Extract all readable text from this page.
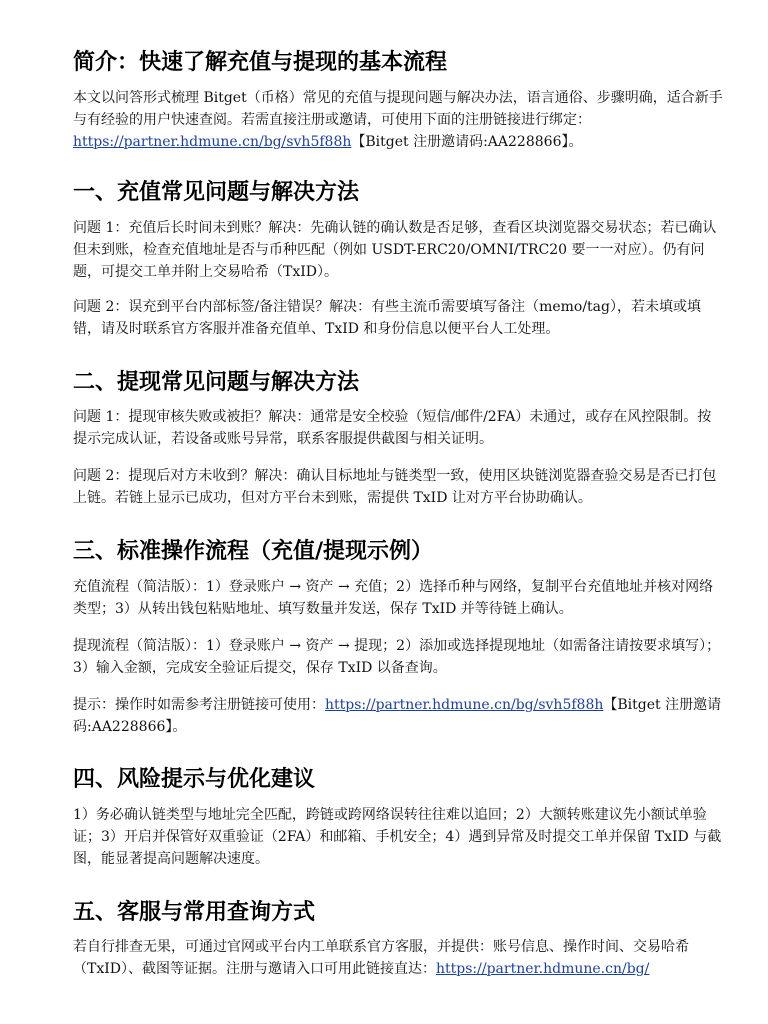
简介：快速了解充值与提现的基本流程

本文以问答形式梳理 Bitget（币格）常见的充值与提现问题与解决办法，语言通俗、步骤明确，适合新手与有经验的用户快速查阅。若需直接注册或邀请，可使用下面的注册链接进行绑定：https://partner.hdmune.cn/bg/svh5f88h【Bitget 注册邀请码:AA228866】。

一、充值常见问题与解决方法

问题 1：充值后长时间未到账？解决：先确认链的确认数是否足够，查看区块浏览器交易状态；若已确认但未到账，检查充值地址是否与币种匹配（例如 USDT-ERC20/OMNI/TRC20 要一一对应）。仍有问题，可提交工单并附上交易哈希（TxID）。

问题 2：误充到平台内部标签/备注错误？解决：有些主流币需要填写备注（memo/tag），若未填或填错，请及时联系官方客服并准备充值单、TxID 和身份信息以便平台人工处理。

二、提现常见问题与解决方法

问题 1：提现审核失败或被拒？解决：通常是安全校验（短信/邮件/2FA）未通过，或存在风控限制。按提示完成认证，若设备或账号异常，联系客服提供截图与相关证明。

问题 2：提现后对方未收到？解决：确认目标地址与链类型一致，使用区块链浏览器查验交易是否已打包上链。若链上显示已成功，但对方平台未到账，需提供 TxID 让对方平台协助确认。

三、标准操作流程（充值/提现示例）

充值流程（简洁版）：1）登录账户 → 资产 → 充值；2）选择币种与网络，复制平台充值地址并核对网络类型；3）从转出钱包粘贴地址、填写数量并发送，保存 TxID 并等待链上确认。

提现流程（简洁版）：1）登录账户 → 资产 → 提现；2）添加或选择提现地址（如需备注请按要求填写）；3）输入金额，完成安全验证后提交，保存 TxID 以备查询。

提示：操作时如需参考注册链接可使用：https://partner.hdmune.cn/bg/svh5f88h【Bitget 注册邀请码:AA228866】。

四、风险提示与优化建议

1）务必确认链类型与地址完全匹配，跨链或跨网络误转往往难以追回；2）大额转账建议先小额试单验证；3）开启并保管好双重验证（2FA）和邮箱、手机安全；4）遇到异常及时提交工单并保留 TxID 与截图，能显著提高问题解决速度。

五、客服与常用查询方式

若自行排查无果，可通过官网或平台内工单联系官方客服，并提供：账号信息、操作时间、交易哈希（TxID）、截图等证据。注册与邀请入口可用此链接直达：https://partner.hdmune.cn/bg/
